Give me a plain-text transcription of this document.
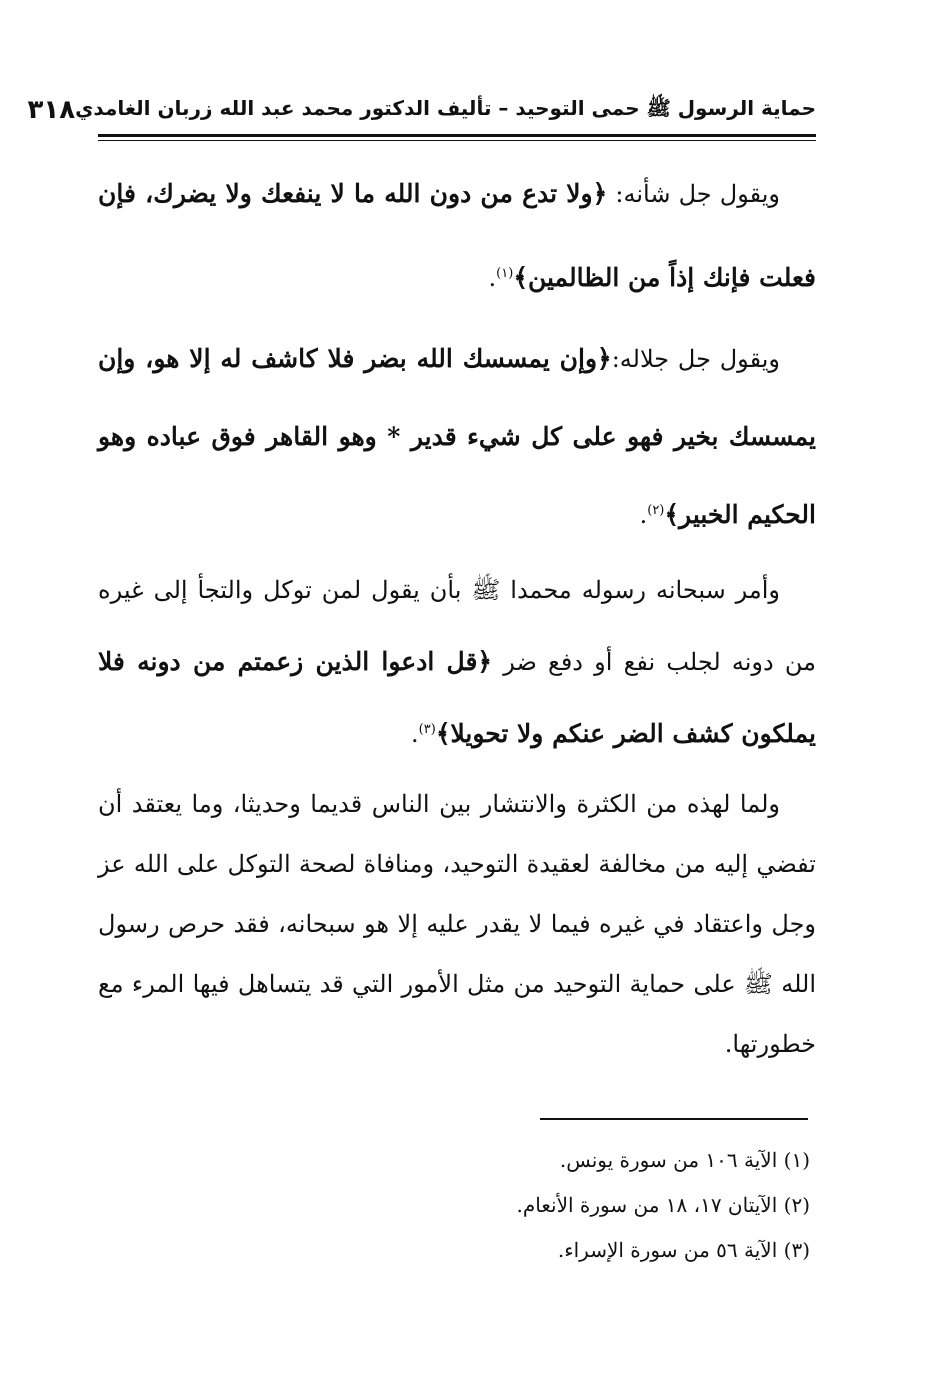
حماية الرسول ﷺ حمى التوحيد – تأليف الدكتور محمد عبد الله زربان الغامدي
٣١٨

ويقول جل شأنه: ﴿ولا تدع من دون الله ما لا ينفعك ولا يضرك، فإن فعلت فإنك إذاً من الظالمين﴾$^{(١)}$.

ويقول جل جلاله:﴿وإن يمسسك الله بضر فلا كاشف له إلا هو، وإن يمسسك بخير فهو على كل شيء قدير * وهو القاهر فوق عباده وهو الحكيم الخبير﴾$^{(٢)}$.

وأمر سبحانه رسوله محمدا ﷺ بأن يقول لمن توكل والتجأ إلى غيره من دونه لجلب نفع أو دفع ضر ﴿قل ادعوا الذين زعمتم من دونه فلا يملكون كشف الضر عنكم ولا تحويلا﴾$^{(٣)}$.

ولما لهذه من الكثرة والانتشار بين الناس قديما وحديثا، وما يعتقد أن تفضي إليه من مخالفة لعقيدة التوحيد، ومنافاة لصحة التوكل على الله عز وجل واعتقاد في غيره فيما لا يقدر عليه إلا هو سبحانه، فقد حرص رسول الله ﷺ على حماية التوحيد من مثل الأمور التي قد يتساهل فيها المرء مع خطورتها.

(١) الآية ١٠٦ من سورة يونس.

(٢) الآيتان ١٧، ١٨ من سورة الأنعام.

(٣) الآية ٥٦ من سورة الإسراء.
